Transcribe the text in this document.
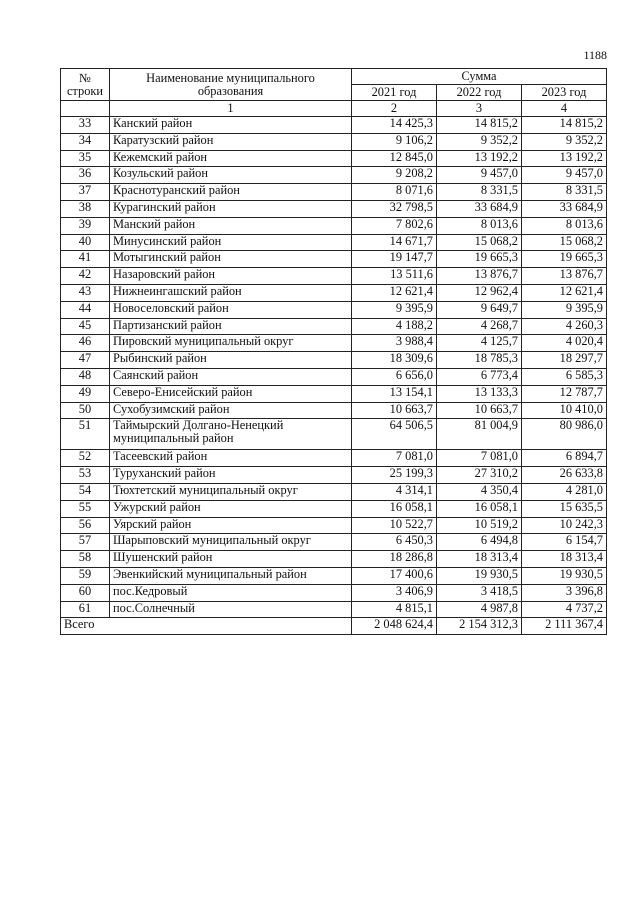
1188
№
строки	Наименование муниципального образования	Сумма		
		2021 год	2022 год	2023 год
	1	2	3	4
33	Канский район	14 425,3	14 815,2	14 815,2
34	Каратузский район	9 106,2	9 352,2	9 352,2
35	Кежемский район	12 845,0	13 192,2	13 192,2
36	Козульский район	9 208,2	9 457,0	9 457,0
37	Краснотуранский район	8 071,6	8 331,5	8 331,5
38	Курагинский район	32 798,5	33 684,9	33 684,9
39	Манский район	7 802,6	8 013,6	8 013,6
40	Минусинский район	14 671,7	15 068,2	15 068,2
41	Мотыгинский район	19 147,7	19 665,3	19 665,3
42	Назаровский район	13 511,6	13 876,7	13 876,7
43	Нижнеингашский район	12 621,4	12 962,4	12 621,4
44	Новоселовский район	9 395,9	9 649,7	9 395,9
45	Партизанский район	4 188,2	4 268,7	4 260,3
46	Пировский муниципальный округ	3 988,4	4 125,7	4 020,4
47	Рыбинский район	18 309,6	18 785,3	18 297,7
48	Саянский район	6 656,0	6 773,4	6 585,3
49	Северо-Енисейский район	13 154,1	13 133,3	12 787,7
50	Сухобузимский район	10 663,7	10 663,7	10 410,0
51	Таймырский Долгано-Ненецкий муниципальный район	64 506,5	81 004,9	80 986,0
52	Тасеевский район	7 081,0	7 081,0	6 894,7
53	Туруханский район	25 199,3	27 310,2	26 633,8
54	Тюхтетский муниципальный округ	4 314,1	4 350,4	4 281,0
55	Ужурский район	16 058,1	16 058,1	15 635,5
56	Уярский район	10 522,7	10 519,2	10 242,3
57	Шарыповский муниципальный округ	6 450,3	6 494,8	6 154,7
58	Шушенский район	18 286,8	18 313,4	18 313,4
59	Эвенкийский муниципальный район	17 400,6	19 930,5	19 930,5
60	пос.Кедровый	3 406,9	3 418,5	3 396,8
61	пос.Солнечный	4 815,1	4 987,8	4 737,2
Всего		2 048 624,4	2 154 312,3	2 111 367,4
